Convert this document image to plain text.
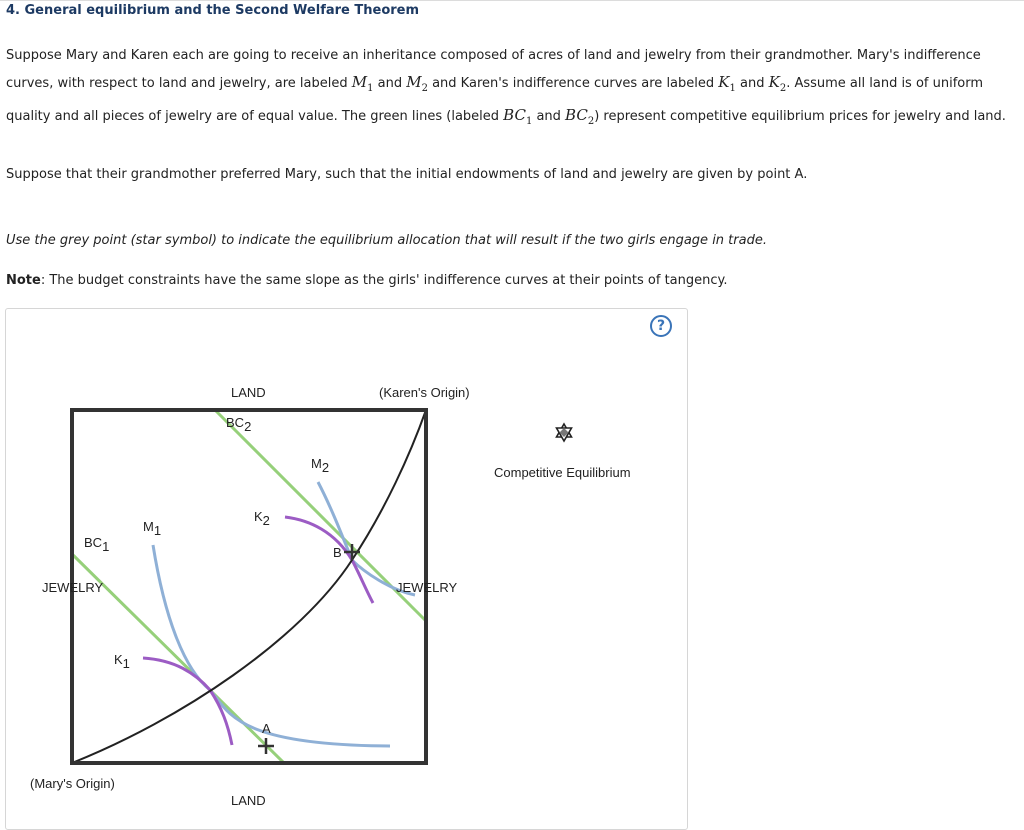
4. General equilibrium and the Second Welfare Theorem
Suppose Mary and Karen each are going to receive an inheritance composed of acres of land and jewelry from their grandmother. Mary's indifference curves, with respect to land and jewelry, are labeled $M_1$ and $M_2$ and Karen's indifference curves are labeled $K_1$ and $K_2$. Assume all land is of uniform quality and all pieces of jewelry are of equal value. The green lines (labeled $BC_1$ and $BC_2$) represent competitive equilibrium prices for jewelry and land.
Suppose that their grandmother preferred Mary, such that the initial endowments of land and jewelry are given by point A.
Use the grey point (star symbol) to indicate the equilibrium allocation that will result if the two girls engage in trade.
Note: The budget constraints have the same slope as the girls' indifference curves at their points of tangency.
?
A
B
LAND
LAND
JEWELRY	JEWELRY
(Karen's Origin)
(Mary's Origin)
BC2
BC1
M1
M2
K1
K2
Competitive Equilibrium
